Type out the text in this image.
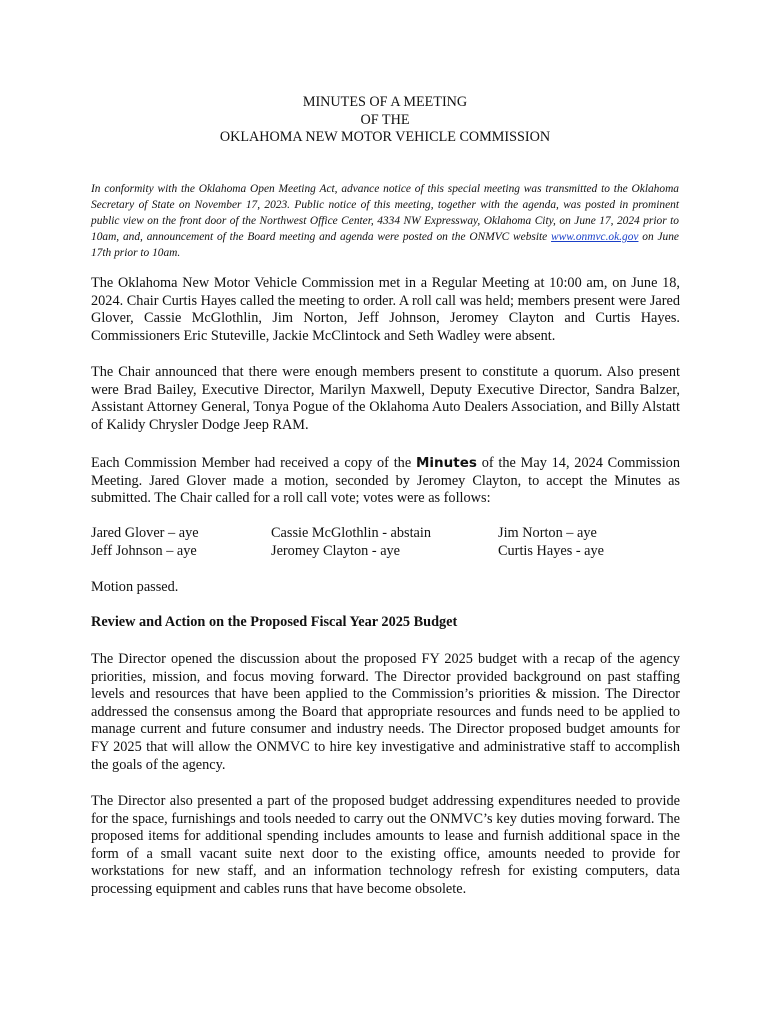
MINUTES OF A MEETING
OF THE
OKLAHOMA NEW MOTOR VEHICLE COMMISSION
In conformity with the Oklahoma Open Meeting Act, advance notice of this special meeting was transmitted to the Oklahoma Secretary of State on November 17, 2023. Public notice of this meeting, together with the agenda, was posted in prominent public view on the front door of the Northwest Office Center, 4334 NW Expressway, Oklahoma City, on June 17, 2024 prior to 10am, and, announcement of the Board meeting and agenda were posted on the ONMVC website www.onmvc.ok.gov on June 17th prior to 10am.
The Oklahoma New Motor Vehicle Commission met in a Regular Meeting at 10:00 am, on June 18, 2024. Chair Curtis Hayes called the meeting to order. A roll call was held; members present were Jared Glover, Cassie McGlothlin, Jim Norton, Jeff Johnson, Jeromey Clayton and Curtis Hayes. Commissioners Eric Stuteville, Jackie McClintock and Seth Wadley were absent.
The Chair announced that there were enough members present to constitute a quorum. Also present were Brad Bailey, Executive Director, Marilyn Maxwell, Deputy Executive Director, Sandra Balzer, Assistant Attorney General, Tonya Pogue of the Oklahoma Auto Dealers Association, and Billy Alstatt of Kalidy Chrysler Dodge Jeep RAM.
Each Commission Member had received a copy of the Minutes of the May 14, 2024 Commission Meeting. Jared Glover made a motion, seconded by Jeromey Clayton, to accept the Minutes as submitted. The Chair called for a roll call vote; votes were as follows:
Jared Glover – aye	Cassie McGlothlin - abstain	Jim Norton – aye
Jeff Johnson – aye	Jeromey Clayton - aye	Curtis Hayes - aye
Motion passed.
Review and Action on the Proposed Fiscal Year 2025 Budget
The Director opened the discussion about the proposed FY 2025 budget with a recap of the agency priorities, mission, and focus moving forward. The Director provided background on past staffing levels and resources that have been applied to the Commission’s priorities & mission. The Director addressed the consensus among the Board that appropriate resources and funds need to be applied to manage current and future consumer and industry needs. The Director proposed budget amounts for FY 2025 that will allow the ONMVC to hire key investigative and administrative staff to accomplish the goals of the agency.
The Director also presented a part of the proposed budget addressing expenditures needed to provide for the space, furnishings and tools needed to carry out the ONMVC’s key duties moving forward. The proposed items for additional spending includes amounts to lease and furnish additional space in the form of a small vacant suite next door to the existing office, amounts needed to provide for workstations for new staff, and an information technology refresh for existing computers, data processing equipment and cables runs that have become obsolete.
